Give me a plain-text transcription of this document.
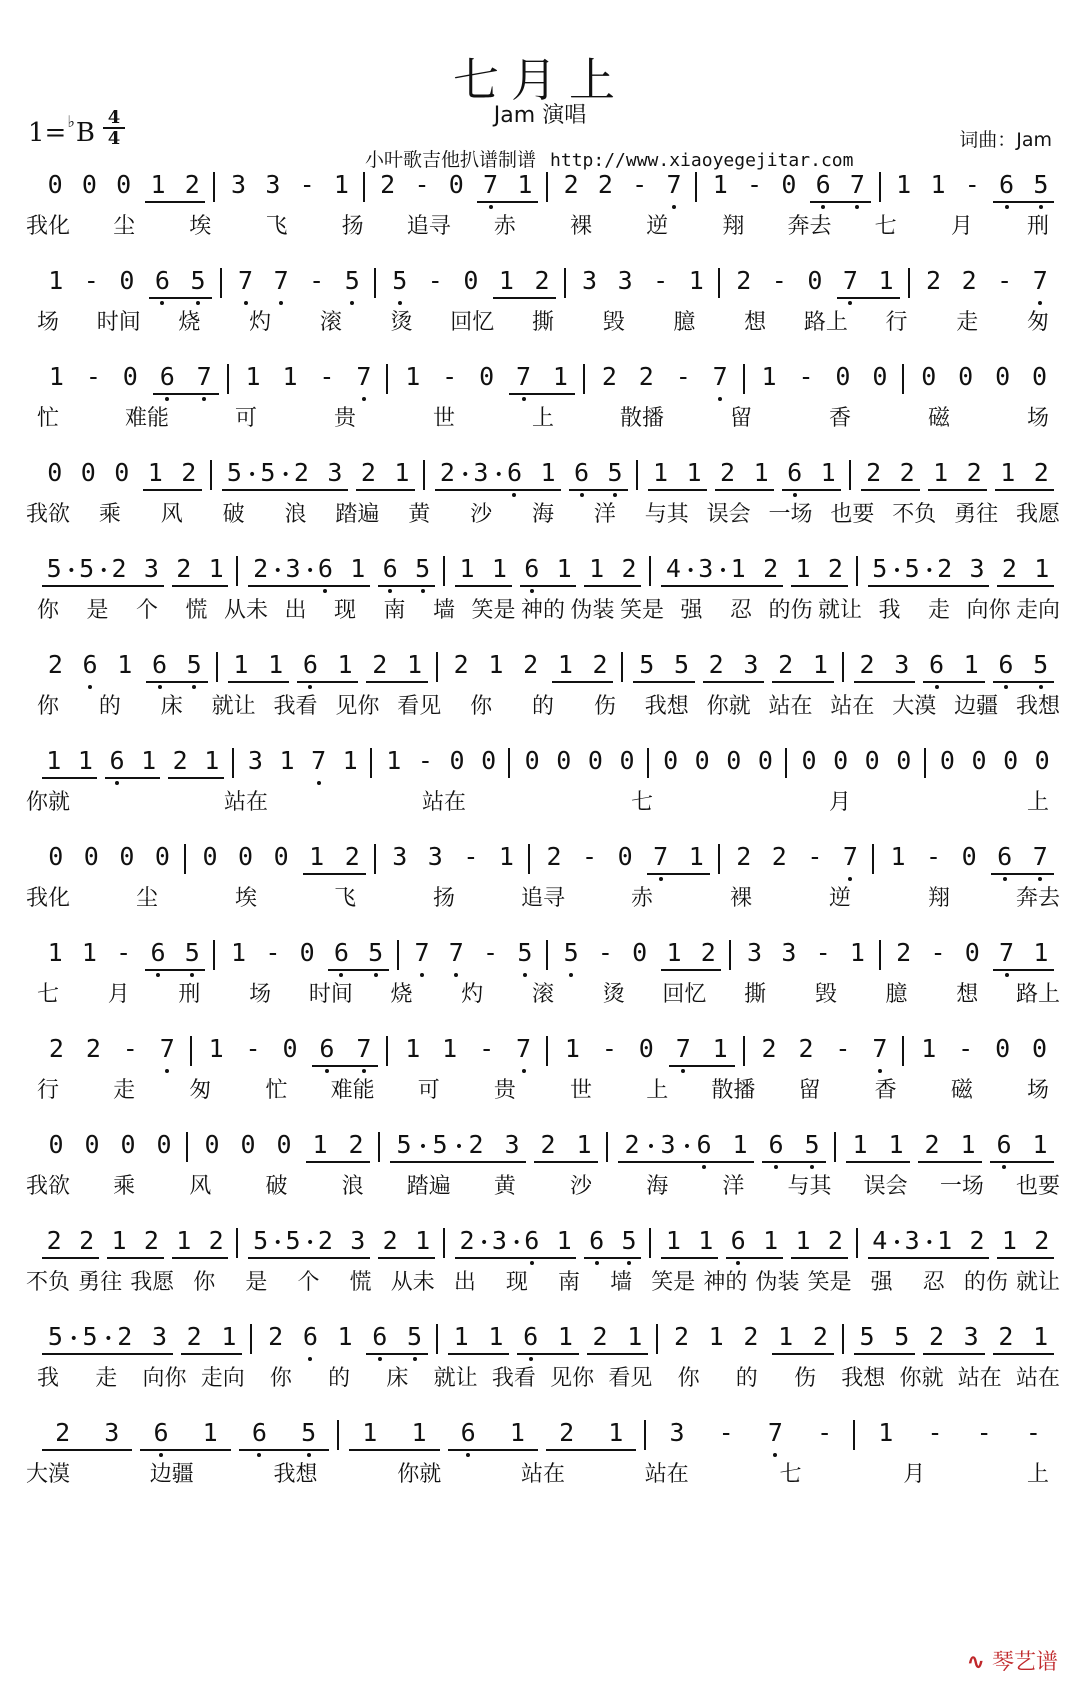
七月上
Jam 演唱
1=♭B
4
4
小叶歌吉他扒谱制谱 http://www.xiaoyegejitar.com
词曲：Jam
0 0 0 1 2 3 3 - 1 2 - 0 7 1 2 2 - 7 1 - 0 6 7 1 1 - 6 5
我化	尘	埃	飞	扬	追寻	赤	裸	逆	翔	奔去	七	月	刑
1 - 0 6 5 7 7 - 5 5 - 0 1 2 3 3 - 1 2 - 0 7 1 2 2 - 7
场	时间	烧	灼	滚	烫	回忆	撕	毁	臆	想	路上	行	走	匆
1 - 0 6 7 1 1 - 7 1 - 0 7 1 2 2 - 7 1 - 0 0 0 0 0 0
忙	难能	可	贵	世	上	散播	留	香	磁	场
0 0 0 1 2 5 • 5 • 2 3 2 1 2 • 3 • 6 1 6 5 1 1 2 1 6 1 2 2 1 2 1 2
我欲	乘	风	破	浪	踏遍	黄	沙	海	洋	与其 误会 一场 也要 不负 勇往 我愿
5 • 5 • 2 3 2 1 2 • 3 • 6 1 6 5 1 1 6 1 1 2 4 • 3 • 1 2 1 2 5 • 5 • 2 3 2 1
你	是	个	慌 从未 出	现	南	墙 笑是 神的 伪装 笑是 强	忍 的伤 就让 我	走 向你 走向
2 6 1 6 5 1 1 6 1 2 1 2 1 2 1 2 5 5 2 3 2 1 2 3 6 1 6 5
你	的	床	就让 我看 见你 看见	你	的	伤	我想 你就 站在 站在 大漠 边疆 我想
1 1 6 1 2 1 3 1 7 1 1 - 0 0 0 0 0 0 0 0 0 0 0 0 0 0 0 0 0 0
你就	站在	站在	七	月	上
0 0 0 0 0 0 0 1 2 3 3 - 1 2 - 0 7 1 2 2 - 7 1 - 0 6 7
我化	尘	埃	飞	扬	追寻	赤	裸	逆	翔	奔去
1 1 - 6 5 1 - 0 6 5 7 7 - 5 5 - 0 1 2 3 3 - 1 2 - 0 7 1
七	月	刑	场	时间	烧	灼	滚	烫	回忆	撕	毁	臆	想	路上
2 2 - 7 1 - 0 6 7 1 1 - 7 1 - 0 7 1 2 2 - 7 1 - 0 0
行	走	匆	忙	难能	可	贵	世	上	散播	留	香	磁	场
0 0 0 0 0 0 0 1 2 5 • 5 • 2 3 2 1 2 • 3 • 6 1 6 5 1 1 2 1 6 1
我欲	乘	风	破	浪	踏遍	黄	沙	海	洋	与其	误会	一场	也要
2 2 1 2 1 2 5 • 5 • 2 3 2 1 2 • 3 • 6 1 6 5 1 1 6 1 1 2 4 • 3 • 1 2 1 2
不负 勇往 我愿 你	是	个	慌 从未 出	现	南	墙 笑是 神的 伪装 笑是 强	忍 的伤 就让
5 • 5 • 2 3 2 1 2 6 1 6 5 1 1 6 1 2 1 2 1 2 1 2 5 5 2 3 2 1
我	走	向你 走向	你	的	床	就让 我看 见你 看见	你	的	伤	我想 你就 站在 站在
2 3 6 1 6 5 1 1 6 1 2 1 3 - 7 - 1 - - -
大漠	边疆	我想	你就	站在	站在	七	月	上
∿ 琴艺谱
